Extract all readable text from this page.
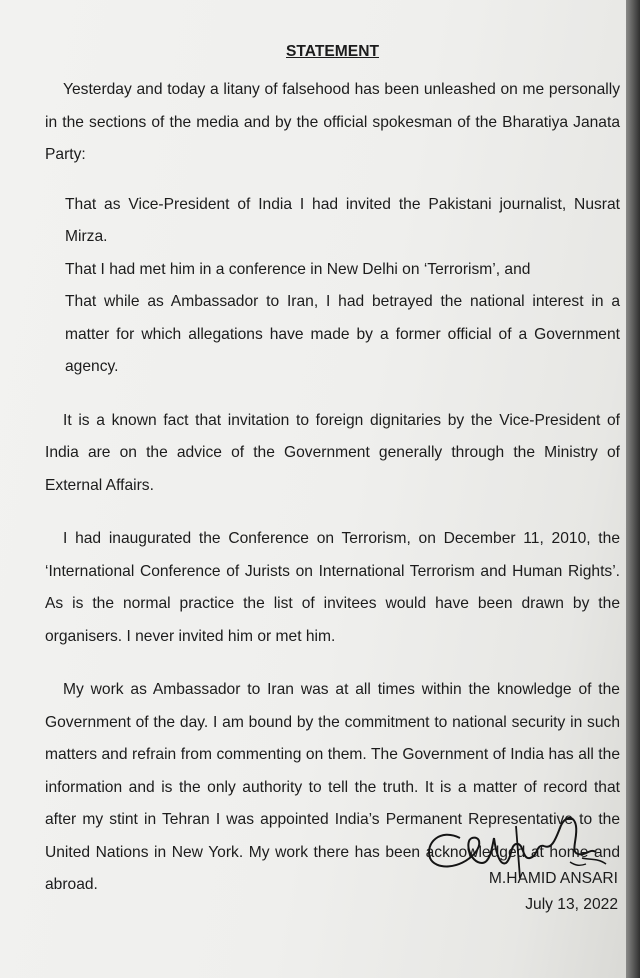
STATEMENT

Yesterday and today a litany of falsehood has been unleashed on me personally in the sections of the media and by the official spokesman of the Bharatiya Janata Party:

That as Vice-President of India I had invited the Pakistani journalist, Nusrat Mirza.
That I had met him in a conference in New Delhi on ‘Terrorism’, and
That while as Ambassador to Iran, I had betrayed the national interest in a matter for which allegations have made by a former official of a Government agency.

It is a known fact that invitation to foreign dignitaries by the Vice-President of India are on the advice of the Government generally through the Ministry of External Affairs.

I had inaugurated the Conference on Terrorism, on December 11, 2010, the ‘International Conference of Jurists on International Terrorism and Human Rights’. As is the normal practice the list of invitees would have been drawn by the organisers. I never invited him or met him.

My work as Ambassador to Iran was at all times within the knowledge of the Government of the day. I am bound by the commitment to national security in such matters and refrain from commenting on them. The Government of India has all the information and is the only authority to tell the truth. It is a matter of record that after my stint in Tehran I was appointed India’s Permanent Representative to the United Nations in New York. My work there has been acknowledged at home and abroad.	M.HAMID ANSARI
July 13, 2022
